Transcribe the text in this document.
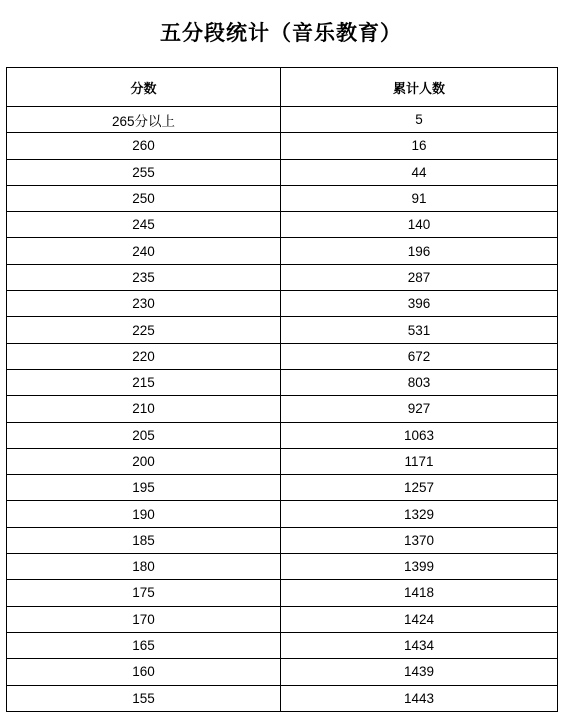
五分段统计（音乐教育）
分数	累计人数
265分以上	5
260	16
255	44
250	91
245	140
240	196
235	287
230	396
225	531
220	672
215	803
210	927
205	1063
200	1171
195	1257
190	1329
185	1370
180	1399
175	1418
170	1424
165	1434
160	1439
155	1443
